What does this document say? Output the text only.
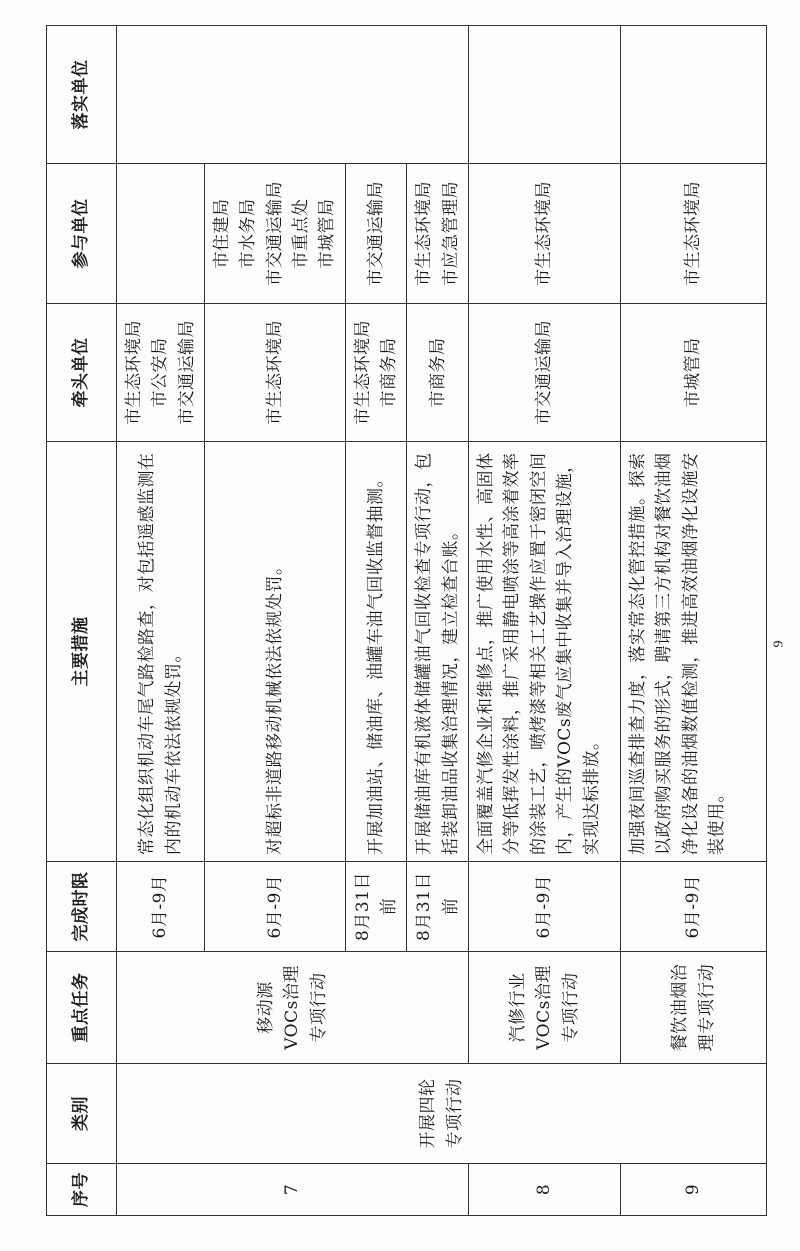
序号	类别	重点任务	完成时限	主要措施	牵头单位	参与单位	落实单位
7	开展四轮专项行动	移动源VOCs治理专项行动	6月-9月	常态化组织机动车尾气路检路查，对包括遥感监测在内的机动车依法依规处罚。	市生态环境局 市公安局 市交通运输局		

			6月-9月	对超标非道路移动机械依法依规处罚。	市生态环境局	市住建局 市水务局 市交通运输局 市重点处 市城管局	

			8月31日前	开展加油站、储油库、油罐车油气回收监督抽测。	市生态环境局 市商务局	市交通运输局	

			8月31日前	开展储油库有机液体储罐油气回收检查专项行动，包括装卸油品收集治理情况，建立检查台账。	市商务局	市生态环境局 市应急管理局	

8		汽修行业VOCs治理专项行动	6月-9月	全面覆盖汽修企业和维修点，推广使用水性、高固体分等低挥发性涂料，推广采用静电喷涂等高涂着效率的涂装工艺，喷烤漆等相关工艺操作应置于密闭空间内，产生的VOCs废气应集中收集并导入治理设施，实现达标排放。	市交通运输局	市生态环境局	

9		餐饮油烟治理专项行动	6月-9月	加强夜间巡查排查力度，落实常态化管控措施。探索以政府购买服务的形式，聘请第三方机构对餐饮油烟净化设备的油烟数值检测，推进高效油烟净化设施安装使用。	市城管局	市生态环境局	

9
